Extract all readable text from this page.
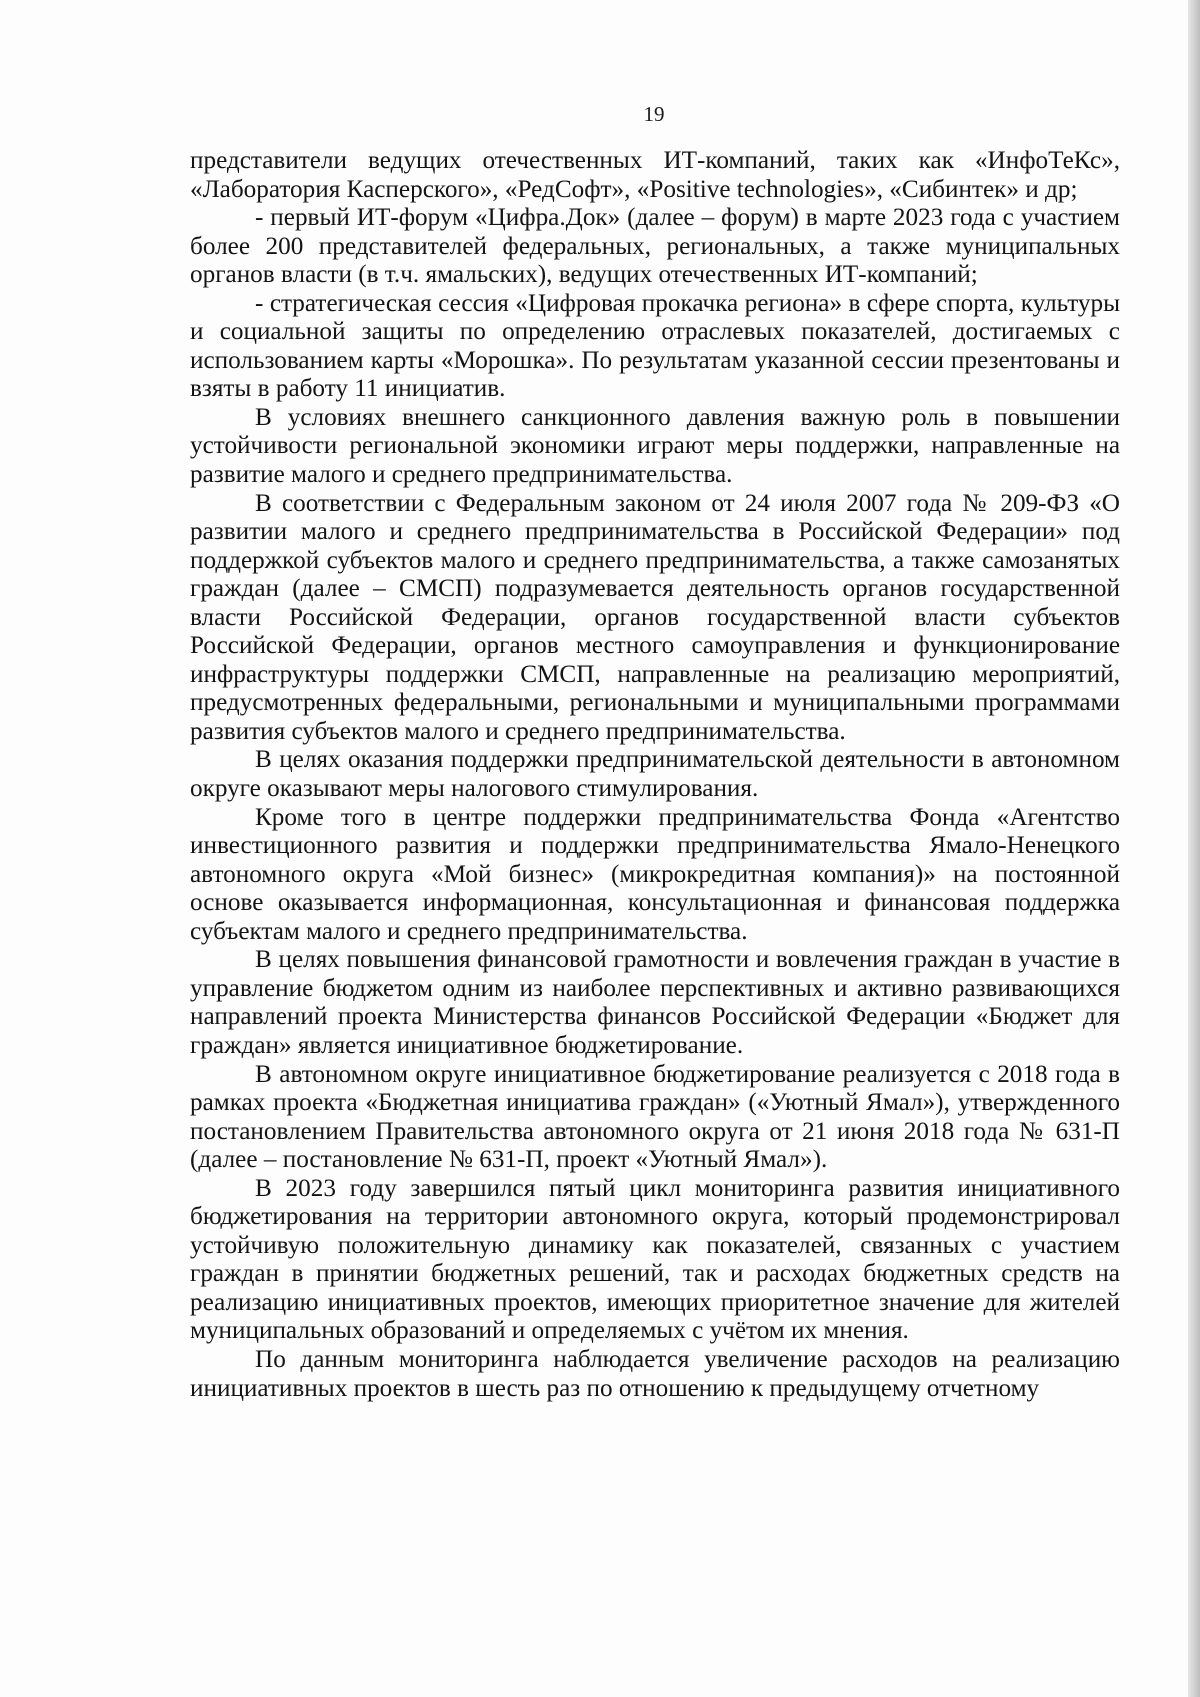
19

представители ведущих отечественных ИТ-компаний, таких как «ИнфоТеКс», «Лаборатория Касперского», «РедСофт», «Positive technologies», «Сибинтек» и др;

- первый ИТ-форум «Цифра.Док» (далее – форум) в марте 2023 года с участием более 200 представителей федеральных, региональных, а также муниципальных органов власти (в т.ч. ямальских), ведущих отечественных ИТ-компаний;

- стратегическая сессия «Цифровая прокачка региона» в сфере спорта, культуры и социальной защиты по определению отраслевых показателей, достигаемых с использованием карты «Морошка». По результатам указанной сессии презентованы и взяты в работу 11 инициатив.

В условиях внешнего санкционного давления важную роль в повышении устойчивости региональной экономики играют меры поддержки, направленные на развитие малого и среднего предпринимательства.

В соответствии с Федеральным законом от 24 июля 2007 года № 209-ФЗ «О развитии малого и среднего предпринимательства в Российской Федерации» под поддержкой субъектов малого и среднего предпринимательства, а также самозанятых граждан (далее – СМСП) подразумевается деятельность органов государственной власти Российской Федерации, органов государственной власти субъектов Российской Федерации, органов местного самоуправления и функционирование инфраструктуры поддержки СМСП, направленные на реализацию мероприятий, предусмотренных федеральными, региональными и муниципальными программами развития субъектов малого и среднего предпринимательства.

В целях оказания поддержки предпринимательской деятельности в автономном округе оказывают меры налогового стимулирования.

Кроме того в центре поддержки предпринимательства Фонда «Агентство инвестиционного развития и поддержки предпринимательства Ямало-Ненецкого автономного округа «Мой бизнес» (микрокредитная компания)» на постоянной основе оказывается информационная, консультационная и финансовая поддержка субъектам малого и среднего предпринимательства.

В целях повышения финансовой грамотности и вовлечения граждан в участие в управление бюджетом одним из наиболее перспективных и активно развивающихся направлений проекта Министерства финансов Российской Федерации «Бюджет для граждан» является инициативное бюджетирование.

В автономном округе инициативное бюджетирование реализуется с 2018 года в рамках проекта «Бюджетная инициатива граждан» («Уютный Ямал»), утвержденного постановлением Правительства автономного округа от 21 июня 2018 года № 631-П (далее – постановление № 631-П, проект «Уютный Ямал»).

В 2023 году завершился пятый цикл мониторинга развития инициативного бюджетирования на территории автономного округа, который продемонстрировал устойчивую положительную динамику как показателей, связанных с участием граждан в принятии бюджетных решений, так и расходах бюджетных средств на реализацию инициативных проектов, имеющих приоритетное значение для жителей муниципальных образований и определяемых с учётом их мнения.

По данным мониторинга наблюдается увеличение расходов на реализацию инициативных проектов в шесть раз по отношению к предыдущему отчетному
